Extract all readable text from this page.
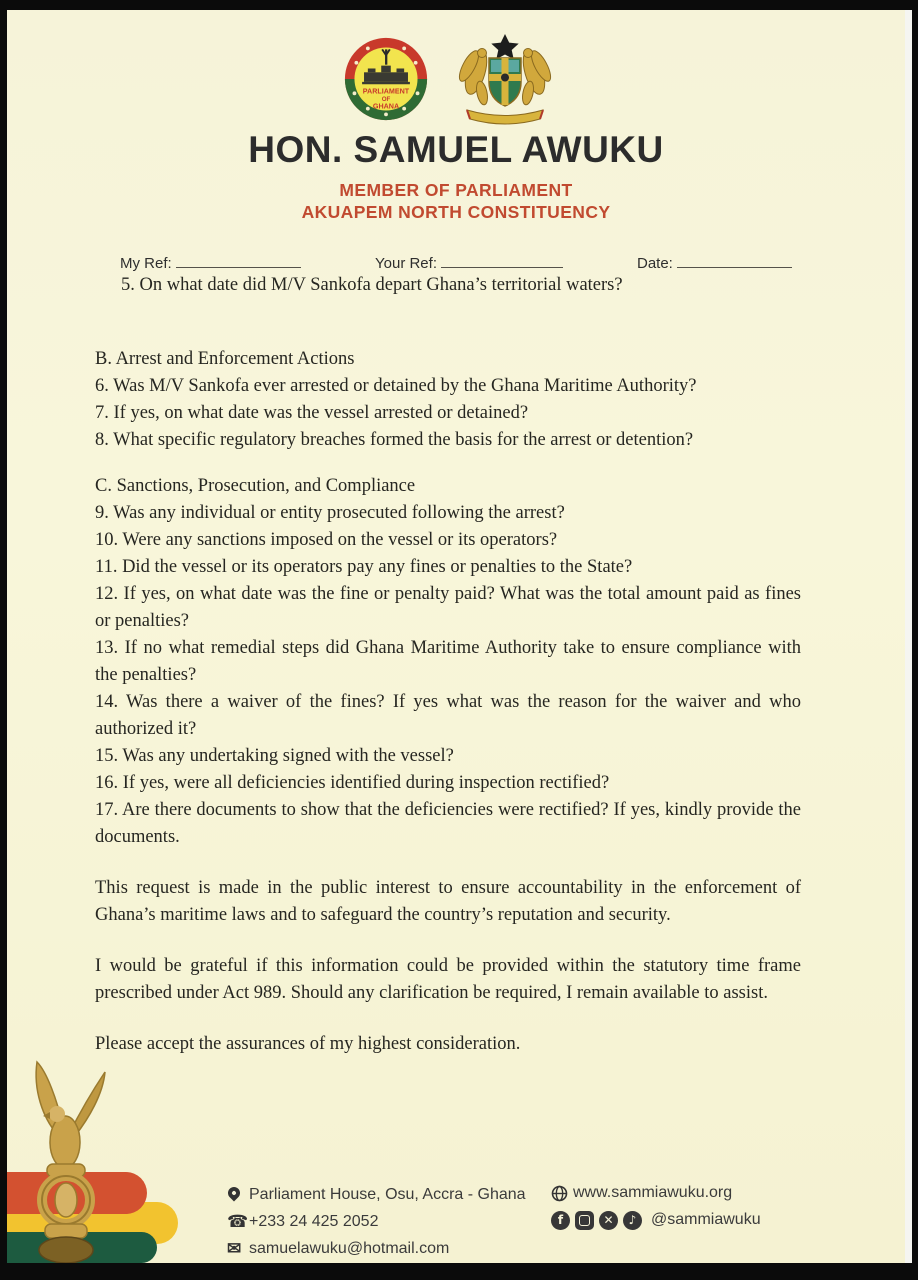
PARLIAMENT
OF
GHANA
HON. SAMUEL AWUKU
MEMBER OF PARLIAMENT
AKUAPEM NORTH CONSTITUENCY
My Ref:	Your Ref:	Date:
5. On what date did M/V Sankofa depart Ghana’s territorial waters?
B. Arrest and Enforcement Actions
6. Was M/V Sankofa ever arrested or detained by the Ghana Maritime Authority?
7. If yes, on what date was the vessel arrested or detained?
8. What specific regulatory breaches formed the basis for the arrest or detention?
C. Sanctions, Prosecution, and Compliance
9. Was any individual or entity prosecuted following the arrest?
10. Were any sanctions imposed on the vessel or its operators?
11. Did the vessel or its operators pay any fines or penalties to the State?
12. If yes, on what date was the fine or penalty paid? What was the total amount paid as fines or penalties?
13. If no what remedial steps did Ghana Maritime Authority take to ensure compliance with the penalties?
14. Was there a waiver of the fines? If yes what was the reason for the waiver and who authorized it?
15. Was any undertaking signed with the vessel?
16. If yes, were all deficiencies identified during inspection rectified?
17. Are there documents to show that the deficiencies were rectified? If yes, kindly provide the documents.
This request is made in the public interest to ensure accountability in the enforcement of Ghana’s maritime laws and to safeguard the country’s reputation and security.
I would be grateful if this information could be provided within the statutory time frame prescribed under Act 989. Should any clarification be required, I remain available to assist.
Please accept the assurances of my highest consideration.
Parliament House, Osu, Accra - Ghana
☎ +233 24 425 2052
✉ samuelawuku@hotmail.com
www.sammiawuku.org
f	✕	♪ @sammiawuku
